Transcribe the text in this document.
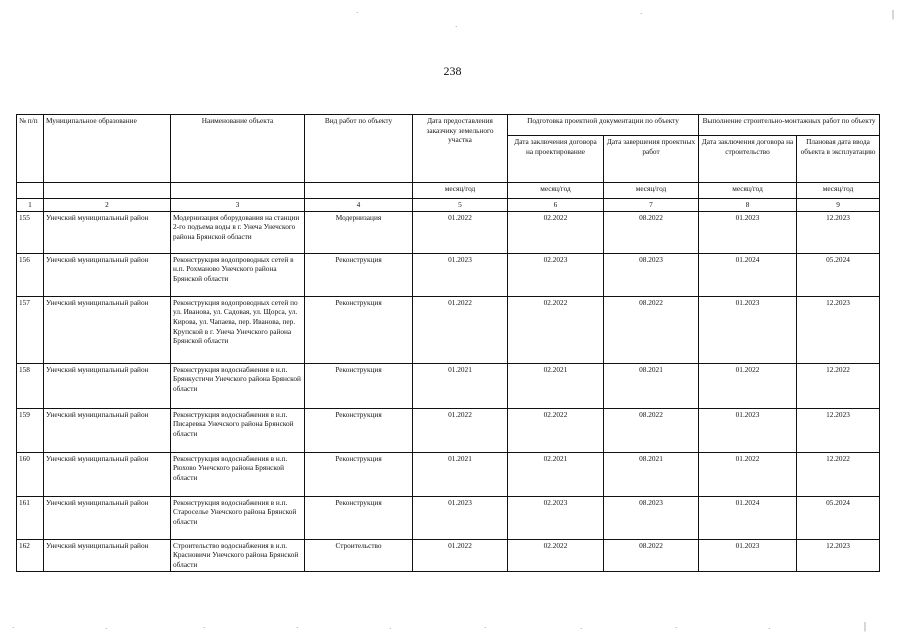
238
·
·
·	|
·	·	·	·	·	·	·	·	·	|
№ п/п	Муниципальное образование	Наименование объекта	Вид работ по объекту	Дата предоставления заказчику земельного участка	Подготовка проектной документации по объекту		Выполнение строительно-монтажных работ по объекту	
					Дата заключения договора на проектирование	Дата завершения проектных работ	Дата заключения договора на строительство	Плановая дата ввода объекта в эксплуатацию
				месяц/год	месяц/год	месяц/год	месяц/год	месяц/год
1	2	3	4	5	6	7	8	9
155	Унечский муниципальный район	Модернизация оборудования на станции 2-го подъема воды в г. Унеча Унечского района Брянской области	Модернизация	01.2022	02.2022	08.2022	01.2023	12.2023
156	Унечский муниципальный район	Реконструкция водопроводных сетей в н.п. Рохманово Унечского района Брянской области	Реконструкция	01.2023	02.2023	08.2023	01.2024	05.2024
157	Унечский муниципальный район	Реконструкция водопроводных сетей по ул. Иванова, ул. Садовая, ул. Щорса, ул. Кирова, ул. Чапаева, пер. Иванова, пер. Крупской в г. Унеча Унечского района Брянской области	Реконструкция	01.2022	02.2022	08.2022	01.2023	12.2023
158	Унечский муниципальный район	Реконструкция водоснабжения в н.п. Брянкустичи Унечского района Брянской области	Реконструкция	01.2021	02.2021	08.2021	01.2022	12.2022
159	Унечский муниципальный район	Реконструкция водоснабжения в н.п. Писаревка Унечского района Брянской области	Реконструкция	01.2022	02.2022	08.2022	01.2023	12.2023
160	Унечский муниципальный район	Реконструкция водоснабжения в н.п. Рюхово Унечского района Брянской области	Реконструкция	01.2021	02.2021	08.2021	01.2022	12.2022
161	Унечский муниципальный район	Реконструкция водоснабжения в н.п. Староселье Унечского района Брянской области	Реконструкция	01.2023	02.2023	08.2023	01.2024	05.2024
162	Унечский муниципальный район	Строительство водоснабжения в н.п. Красновичи Унечского района Брянской области	Строительство	01.2022	02.2022	08.2022	01.2023	12.2023
